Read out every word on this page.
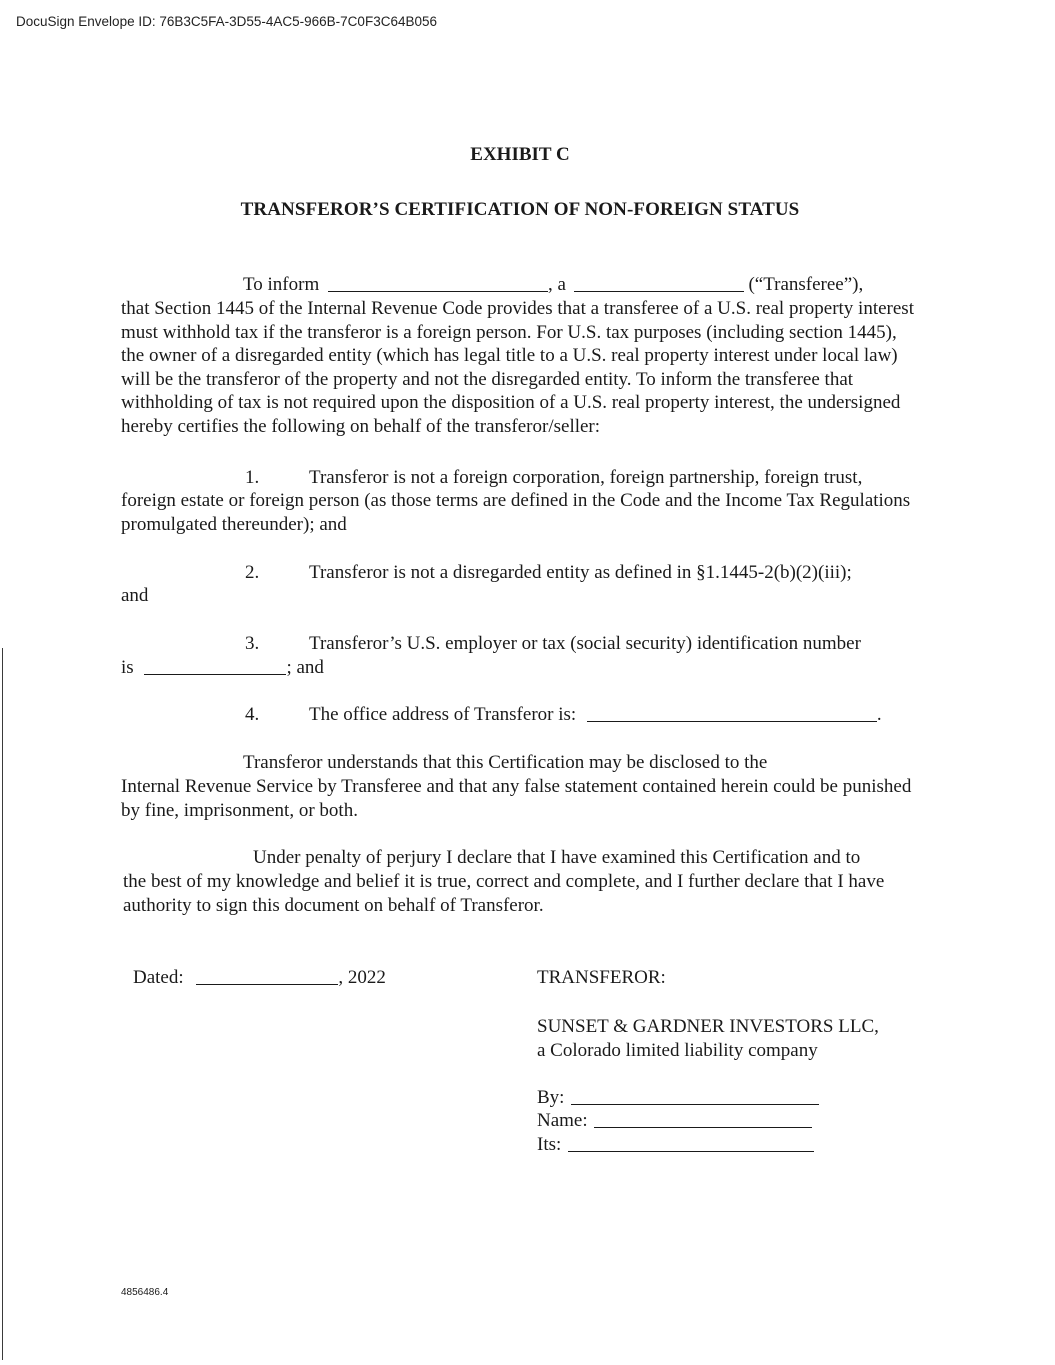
DocuSign Envelope ID: 76B3C5FA-3D55-4AC5-966B-7C0F3C64B056
EXHIBIT C
TRANSFEROR’S CERTIFICATION OF NON-FOREIGN STATUS
To inform	, a	(“Transferee”),
that Section 1445 of the Internal Revenue Code provides that a transferee of a U.S. real property interest must withhold tax if the transferor is a foreign person. For U.S. tax purposes (including section 1445), the owner of a disregarded entity (which has legal title to a U.S. real property interest under local law) will be the transferor of the property and not the disregarded entity. To inform the transferee that withholding of tax is not required upon the disposition of a U.S. real property interest, the undersigned hereby certifies the following on behalf of the transferor/seller:
1.	Transferor is not a foreign corporation, foreign partnership, foreign trust,
foreign estate or foreign person (as those terms are defined in the Code and the Income Tax Regulations promulgated thereunder); and
2.	Transferor is not a disregarded entity as defined in §1.1445-2(b)(2)(iii);
and
3.	Transferor’s U.S. employer or tax (social security) identification number
is	; and
4.	The office address of Transferor is:	.
Transferor understands that this Certification may be disclosed to the
Internal Revenue Service by Transferee and that any false statement contained herein could be punished by fine, imprisonment, or both.
Under penalty of perjury I declare that I have examined this Certification and to
the best of my knowledge and belief it is true, correct and complete, and I further declare that I have authority to sign this document on behalf of Transferor.
Dated:	, 2022	TRANSFEROR:
SUNSET & GARDNER INVESTORS LLC,
a Colorado limited liability company
By:
Name:
Its:
4856486.4
